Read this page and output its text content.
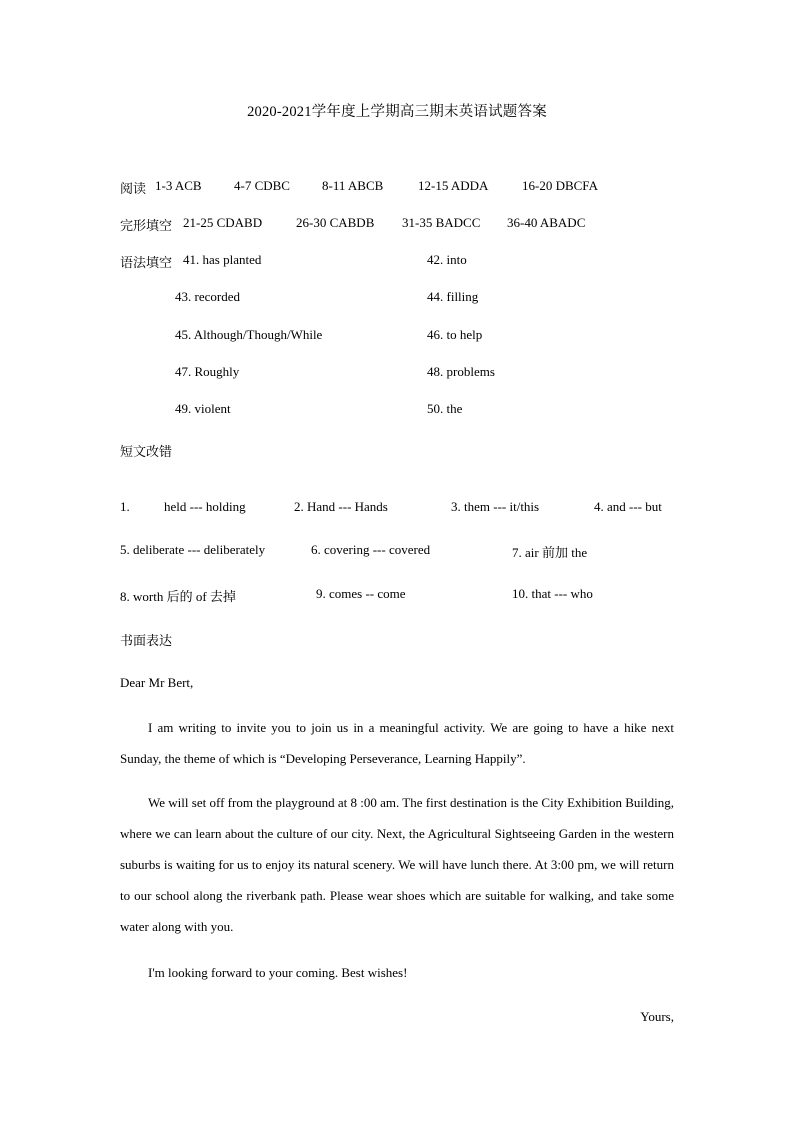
2020-2021学年度上学期高三期末英语试题答案
阅读 1-3 ACB 4-7 CDBC 8-11 ABCB	12-15 ADDA	16-20 DBCFA
完形填空 21-25 CDABD	26-30 CABDB 31-35 BADCC 36-40 ABADC
语法填空 41. has planted	42. into
43. recorded	44. filling
45. Although/Though/While	46. to help
47. Roughly	48. problems
49. violent	50. the
短文改错
1.	held --- holding	2. Hand --- Hands	3. them --- it/this	4. and --- but
5. deliberate --- deliberately	6. covering --- covered	7. air 前加 the
8. worth 后的 of 去掉	9. comes -- come	10. that --- who
书面表达
Dear Mr Bert,
I am writing to invite you to join us in a meaningful activity. We are going to have a hike next Sunday, the theme of which is “Developing Perseverance, Learning Happily”.
We will set off from the playground at 8 :00 am. The first destination is the City Exhibition Building, where we can learn about the culture of our city. Next, the Agricultural Sightseeing Garden in the western suburbs is waiting for us to enjoy its natural scenery. We will have lunch there. At 3:00 pm, we will return to our school along the riverbank path. Please wear shoes which are suitable for walking, and take some water along with you.
I'm looking forward to your coming. Best wishes!
Yours,
